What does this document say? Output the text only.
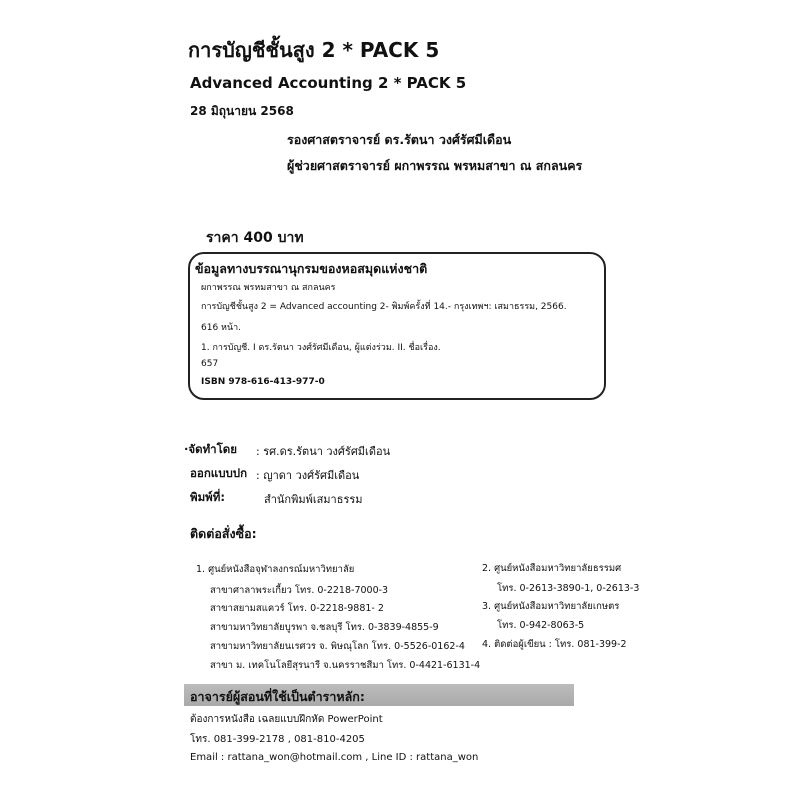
การบัญชีชั้นสูง 2 * PACK 5
Advanced Accounting 2 * PACK 5
28 มิถุนายน 2568
รองศาสตราจารย์ ดร.รัตนา วงศ์รัศมีเดือน
ผู้ช่วยศาสตราจารย์ ผกาพรรณ พรหมสาขา ณ สกลนคร
ราคา 400 บาท
ข้อมูลทางบรรณานุกรมของหอสมุดแห่งชาติ
ผกาพรรณ พรหมสาขา ณ สกลนคร
การบัญชีชั้นสูง 2 = Advanced accounting 2- พิมพ์ครั้งที่ 14.- กรุงเทพฯ: เสมาธรรม, 2566.
616 หน้า.
1. การบัญชี. I ดร.รัตนา วงศ์รัศมีเดือน, ผู้แต่งร่วม. II. ชื่อเรื่อง.
657
ISBN 978-616-413-977-0
·จัดทำโดย : รศ.ดร.รัตนา วงศ์รัศมีเดือน
ออกแบบปก : ญาดา วงศ์รัศมีเดือน
พิมพ์ที่:	สำนักพิมพ์เสมาธรรม
ติดต่อสั่งซื้อ:
1. ศูนย์หนังสือจุฬาลงกรณ์มหาวิทยาลัย
สาขาศาลาพระเกี้ยว โทร. 0-2218-7000-3
สาขาสยามสแควร์ โทร. 0-2218-9881- 2
สาขามหาวิทยาลัยบูรพา จ.ชลบุรี โทร. 0-3839-4855-9
สาขามหาวิทยาลัยนเรศวร จ. พิษณุโลก โทร. 0-5526-0162-4
สาขา ม. เทคโนโลยีสุรนารี จ.นครราชสีมา โทร. 0-4421-6131-4
2. ศูนย์หนังสือมหาวิทยาลัยธรรมศ
โทร. 0-2613-3890-1, 0-2613-3
3. ศูนย์หนังสือมหาวิทยาลัยเกษตร
โทร. 0-942-8063-5
4. ติดต่อผู้เขียน : โทร. 081-399-2
อาจารย์ผู้สอนที่ใช้เป็นตำราหลัก:
ต้องการหนังสือ เฉลยแบบฝึกหัด PowerPoint
โทร. 081-399-2178 , 081-810-4205
Email : rattana_won@hotmail.com , Line ID : rattana_won
